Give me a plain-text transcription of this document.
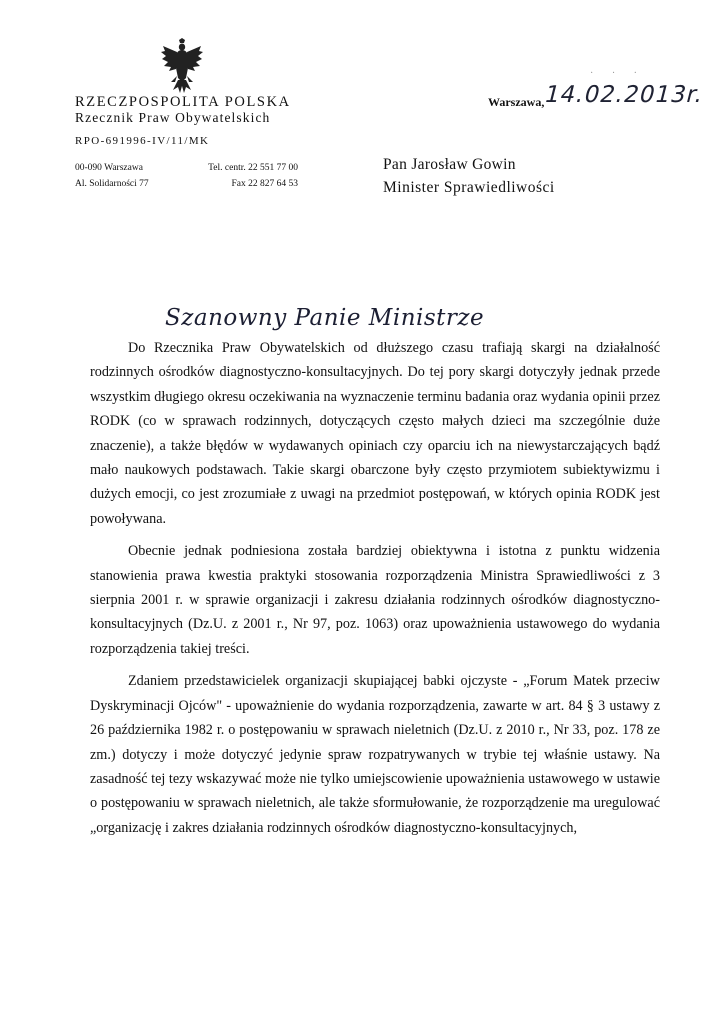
RZECZPOSPOLITA POLSKA
Rzecznik Praw Obywatelskich
RPO-691996-IV/11/MK
00-090 Warszawa
Al. Solidarności 77
Tel. centr. 22 551 77 00
Fax 22 827 64 53
· · ·
Warszawa,
14.02.2013r.
Pan Jarosław Gowin
Minister Sprawiedliwości
Szanowny Panie Ministrze

Do Rzecznika Praw Obywatelskich od dłuższego czasu trafiają skargi na działalność rodzinnych ośrodków diagnostyczno-konsultacyjnych. Do tej pory skargi dotyczyły jednak przede wszystkim długiego okresu oczekiwania na wyznaczenie terminu badania oraz wydania opinii przez RODK (co w sprawach rodzinnych, dotyczących często małych dzieci ma szczególnie duże znaczenie), a także błędów w wydawanych opiniach czy oparciu ich na niewystarczających bądź mało naukowych podstawach. Takie skargi obarczone były często przymiotem subiektywizmu i dużych emocji, co jest zrozumiałe z uwagi na przedmiot postępowań, w których opinia RODK jest powoływana.

Obecnie jednak podniesiona została bardziej obiektywna i istotna z punktu widzenia stanowienia prawa kwestia praktyki stosowania rozporządzenia Ministra Sprawiedliwości z 3 sierpnia 2001 r. w sprawie organizacji i zakresu działania rodzinnych ośrodków diagnostyczno-konsultacyjnych (Dz.U. z 2001 r., Nr 97, poz. 1063) oraz upoważnienia ustawowego do wydania rozporządzenia takiej treści.

Zdaniem przedstawicielek organizacji skupiającej babki ojczyste - „Forum Matek przeciw Dyskryminacji Ojców" - upoważnienie do wydania rozporządzenia, zawarte w art. 84 § 3 ustawy z 26 października 1982 r. o postępowaniu w sprawach nieletnich (Dz.U. z 2010 r., Nr 33, poz. 178 ze zm.) dotyczy i może dotyczyć jedynie spraw rozpatrywanych w trybie tej właśnie ustawy. Na zasadność tej tezy wskazywać może nie tylko umiejscowienie upoważnienia ustawowego w ustawie o postępowaniu w sprawach nieletnich, ale także sformułowanie, że rozporządzenie ma uregulować „organizację i zakres działania rodzinnych ośrodków diagnostyczno-konsultacyjnych,
